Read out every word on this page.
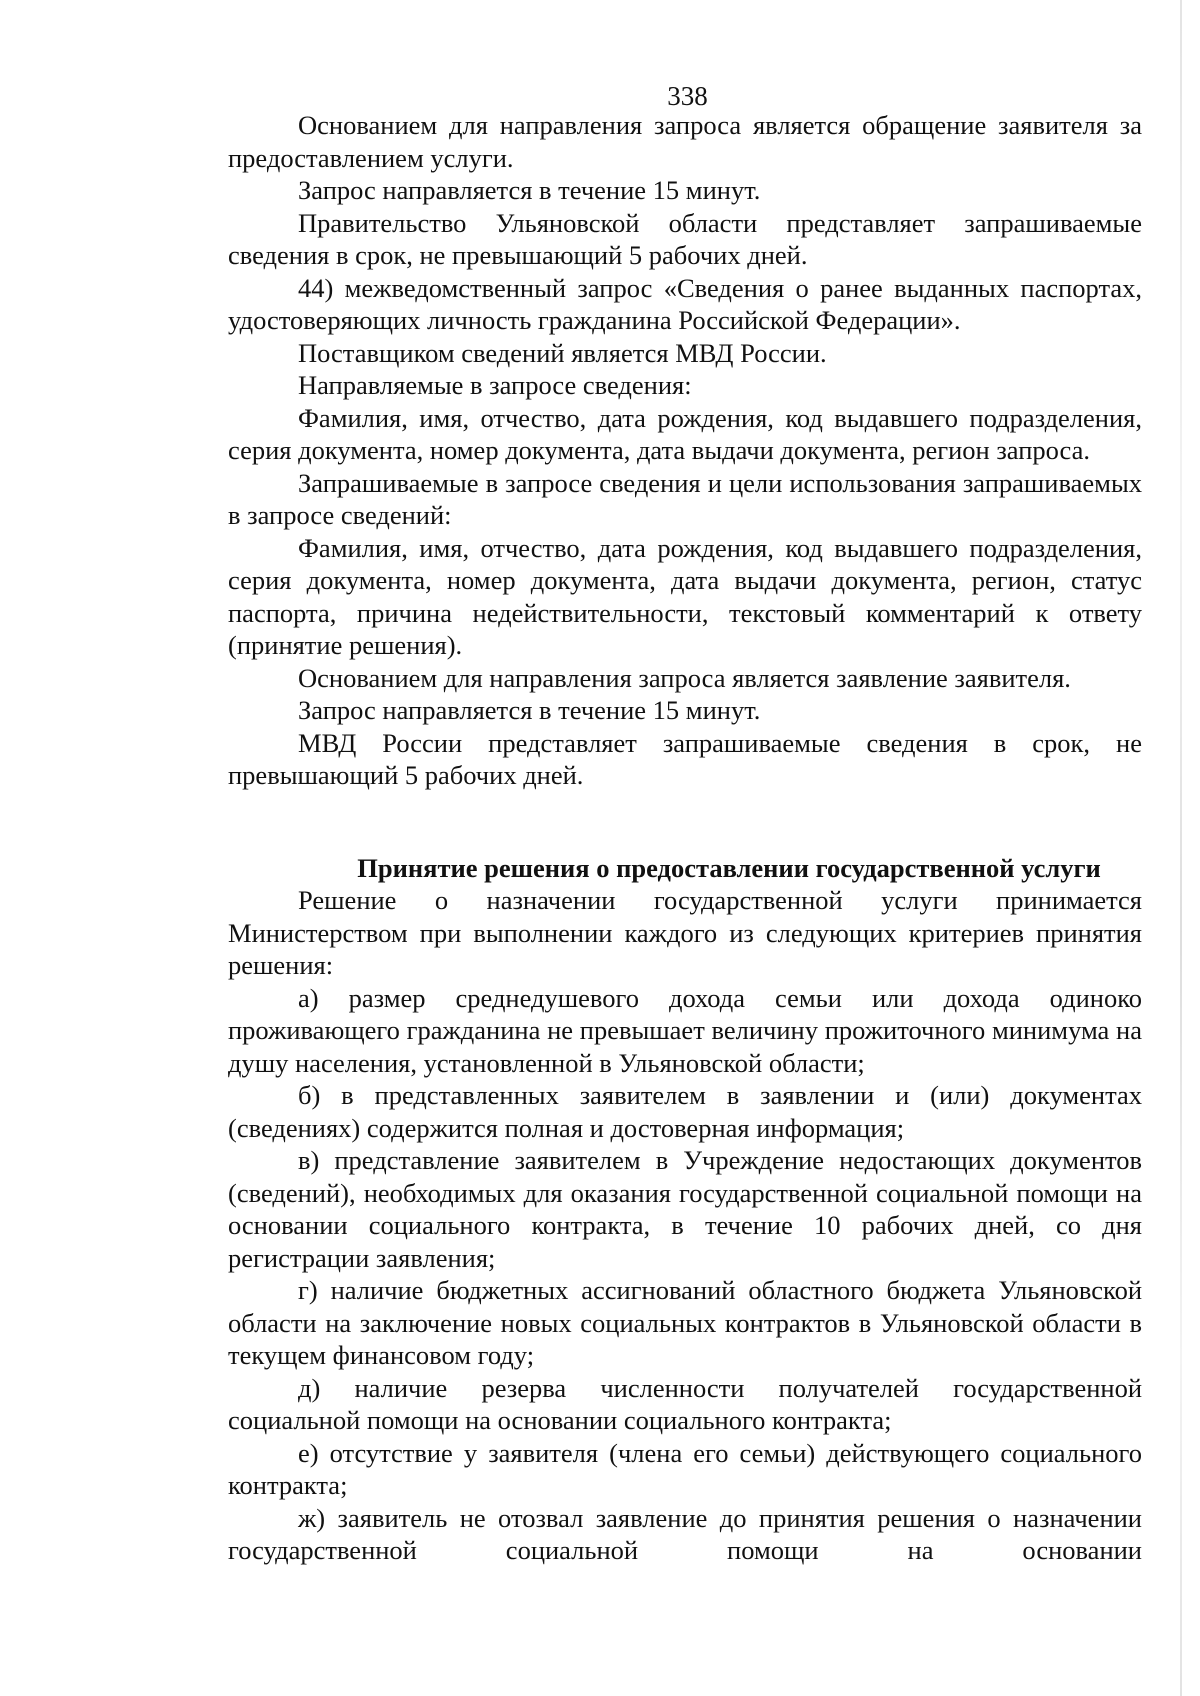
338

Основанием для направления запроса является обращение заявителя за предоставлением услуги.

Запрос направляется в течение 15 минут.

Правительство Ульяновской области представляет запрашиваемые сведения в срок, не превышающий 5 рабочих дней.

44) межведомственный запрос «Сведения о ранее выданных паспортах, удостоверяющих личность гражданина Российской Федерации».

Поставщиком сведений является МВД России.

Направляемые в запросе сведения:

Фамилия, имя, отчество, дата рождения, код выдавшего подразделения, серия документа, номер документа, дата выдачи документа, регион запроса.

Запрашиваемые в запросе сведения и цели использования запрашиваемых в запросе сведений:

Фамилия, имя, отчество, дата рождения, код выдавшего подразделения, серия документа, номер документа, дата выдачи документа, регион, статус паспорта, причина недействительности, текстовый комментарий к ответу (принятие решения).

Основанием для направления запроса является заявление заявителя.

Запрос направляется в течение 15 минут.

МВД России представляет запрашиваемые сведения в срок, не превышающий 5 рабочих дней.

Принятие решения о предоставлении государственной услуги

Решение о назначении государственной услуги принимается Министерством при выполнении каждого из следующих критериев принятия решения:

а) размер среднедушевого дохода семьи или дохода одиноко проживающего гражданина не превышает величину прожиточного минимума на душу населения, установленной в Ульяновской области;

б) в представленных заявителем в заявлении и (или) документах (сведениях) содержится полная и достоверная информация;

в) представление заявителем в Учреждение недостающих документов (сведений), необходимых для оказания государственной социальной помощи на основании социального контракта, в течение 10 рабочих дней, со дня регистрации заявления;

г) наличие бюджетных ассигнований областного бюджета Ульяновской области на заключение новых социальных контрактов в Ульяновской области в текущем финансовом году;

д) наличие резерва численности получателей государственной социальной помощи на основании социального контракта;

е) отсутствие у заявителя (члена его семьи) действующего социального контракта;

ж) заявитель не отозвал заявление до принятия решения о назначении государственной социальной помощи на основании
